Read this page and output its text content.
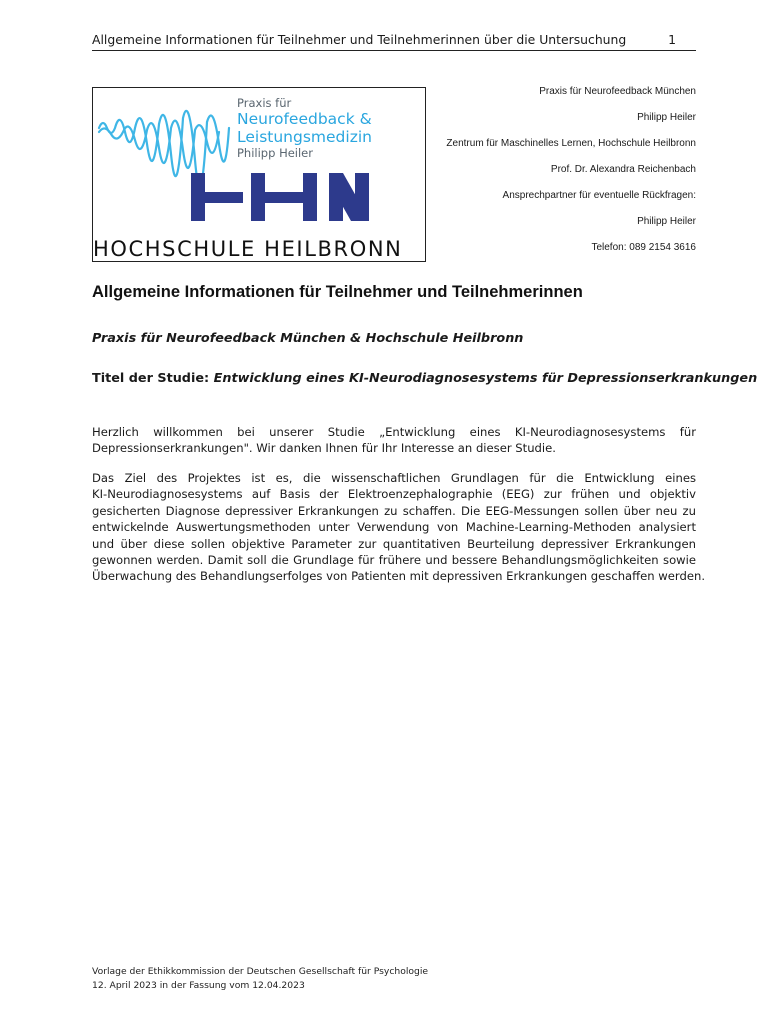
Allgemeine Informationen für Teilnehmer und Teilnehmerinnen über die Untersuchung	1
Praxis für
Neurofeedback &
Leistungsmedizin
Philipp Heiler
HOCHSCHULE HEILBRONN
Praxis für Neurofeedback München
Philipp Heiler
Zentrum für Maschinelles Lernen, Hochschule Heilbronn
Prof. Dr. Alexandra Reichenbach
Ansprechpartner für eventuelle Rückfragen:
Philipp Heiler
Telefon: 089 2154 3616
Allgemeine Informationen für Teilnehmer und Teilnehmerinnen
Praxis für Neurofeedback München & Hochschule Heilbronn
Titel der Studie: Entwicklung eines KI-Neurodiagnosesystems für Depressionserkrankungen
Herzlich willkommen bei unserer Studie „Entwicklung eines KI-Neurodiagnosesystems für
Depressionserkrankungen". Wir danken Ihnen für Ihr Interesse an dieser Studie.
Das Ziel des Projektes ist es, die wissenschaftlichen Grundlagen für die Entwicklung eines
KI-Neurodiagnosesystems auf Basis der Elektroenzephalographie (EEG) zur frühen und objektiv
gesicherten Diagnose depressiver Erkrankungen zu schaffen. Die EEG-Messungen sollen über neu zu
entwickelnde Auswertungsmethoden unter Verwendung von Machine-Learning-Methoden analysiert
und über diese sollen objektive Parameter zur quantitativen Beurteilung depressiver Erkrankungen
gewonnen werden. Damit soll die Grundlage für frühere und bessere Behandlungsmöglichkeiten sowie
Überwachung des Behandlungserfolges von Patienten mit depressiven Erkrankungen geschaffen werden.
Vorlage der Ethikkommission der Deutschen Gesellschaft für Psychologie
12. April 2023 in der Fassung vom 12.04.2023
